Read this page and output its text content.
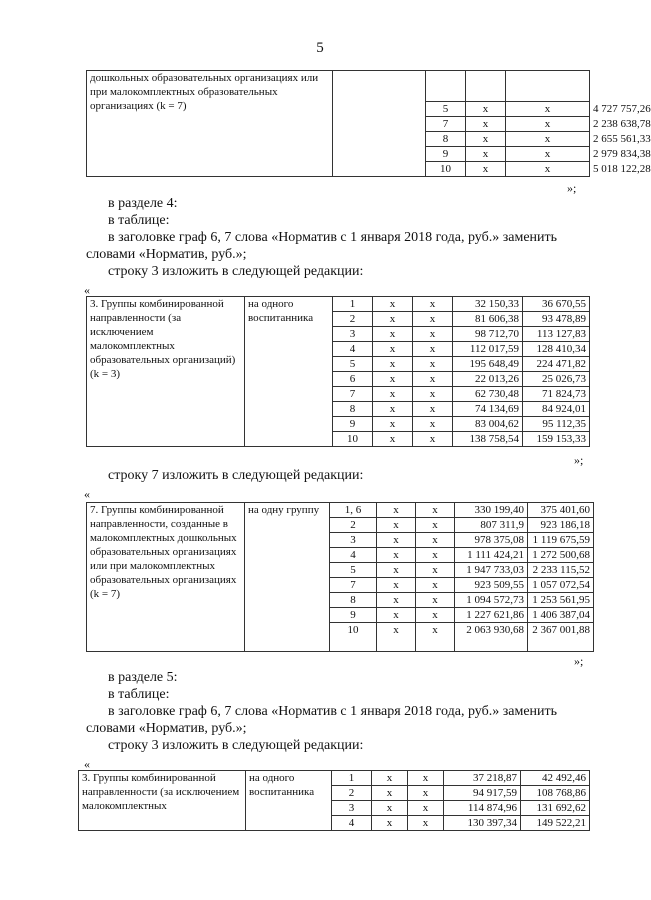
5
дошкольных образовательных организациях или при малокомплектных образовательных организациях (k = 7)					
		5	x	x	4 727 757,26
		7	x	x	2 238 638,78
		8	x	x	2 655 561,33
		9	x	x	2 979 834,38
		10	x	x	5 018 122,28
»;
в разделе 4:
в таблице:
в заголовке граф 6, 7 слова «Норматив с 1 января 2018 года, руб.» заменить
словами «Норматив, руб.»;
строку 3 изложить в следующей редакции:
«
3. Группы комбинированной направленности (за исключением малокомплектных образовательных организаций) (k = 3)	на одного воспитанника	1	x	x	32 150,33	36 670,55
		2	x	x	81 606,38	93 478,89
		3	x	x	98 712,70	113 127,83
		4	x	x	112 017,59	128 410,34
		5	x	x	195 648,49	224 471,82
		6	x	x	22 013,26	25 026,73
		7	x	x	62 730,48	71 824,73
		8	x	x	74 134,69	84 924,01
		9	x	x	83 004,62	95 112,35
		10	x	x	138 758,54	159 153,33
»;
строку 7 изложить в следующей редакции:
«
7. Группы комбинированной направленности, созданные в малокомплектных дошкольных образовательных организациях или при малокомплектных образовательных организациях (k = 7)	на одну группу	1, 6	x	x	330 199,40	375 401,60
		2	x	x	807 311,9	923 186,18
		3	x	x	978 375,08	1 119 675,59
		4	x	x	1 111 424,21	1 272 500,68
		5	x	x	1 947 733,03	2 233 115,52
		7	x	x	923 509,55	1 057 072,54
		8	x	x	1 094 572,73	1 253 561,95
		9	x	x	1 227 621,86	1 406 387,04
		10	x	x	2 063 930,68	2 367 001,88
»;
в разделе 5:
в таблице:
в заголовке граф 6, 7 слова «Норматив с 1 января 2018 года, руб.» заменить
словами «Норматив, руб.»;
строку 3 изложить в следующей редакции:
«
3. Группы комбинированной направленности (за исключением малокомплектных	на одного воспитанника	1	x	x	37 218,87	42 492,46
		2	x	x	94 917,59	108 768,86
		3	x	x	114 874,96	131 692,62
		4	x	x	130 397,34	149 522,21
